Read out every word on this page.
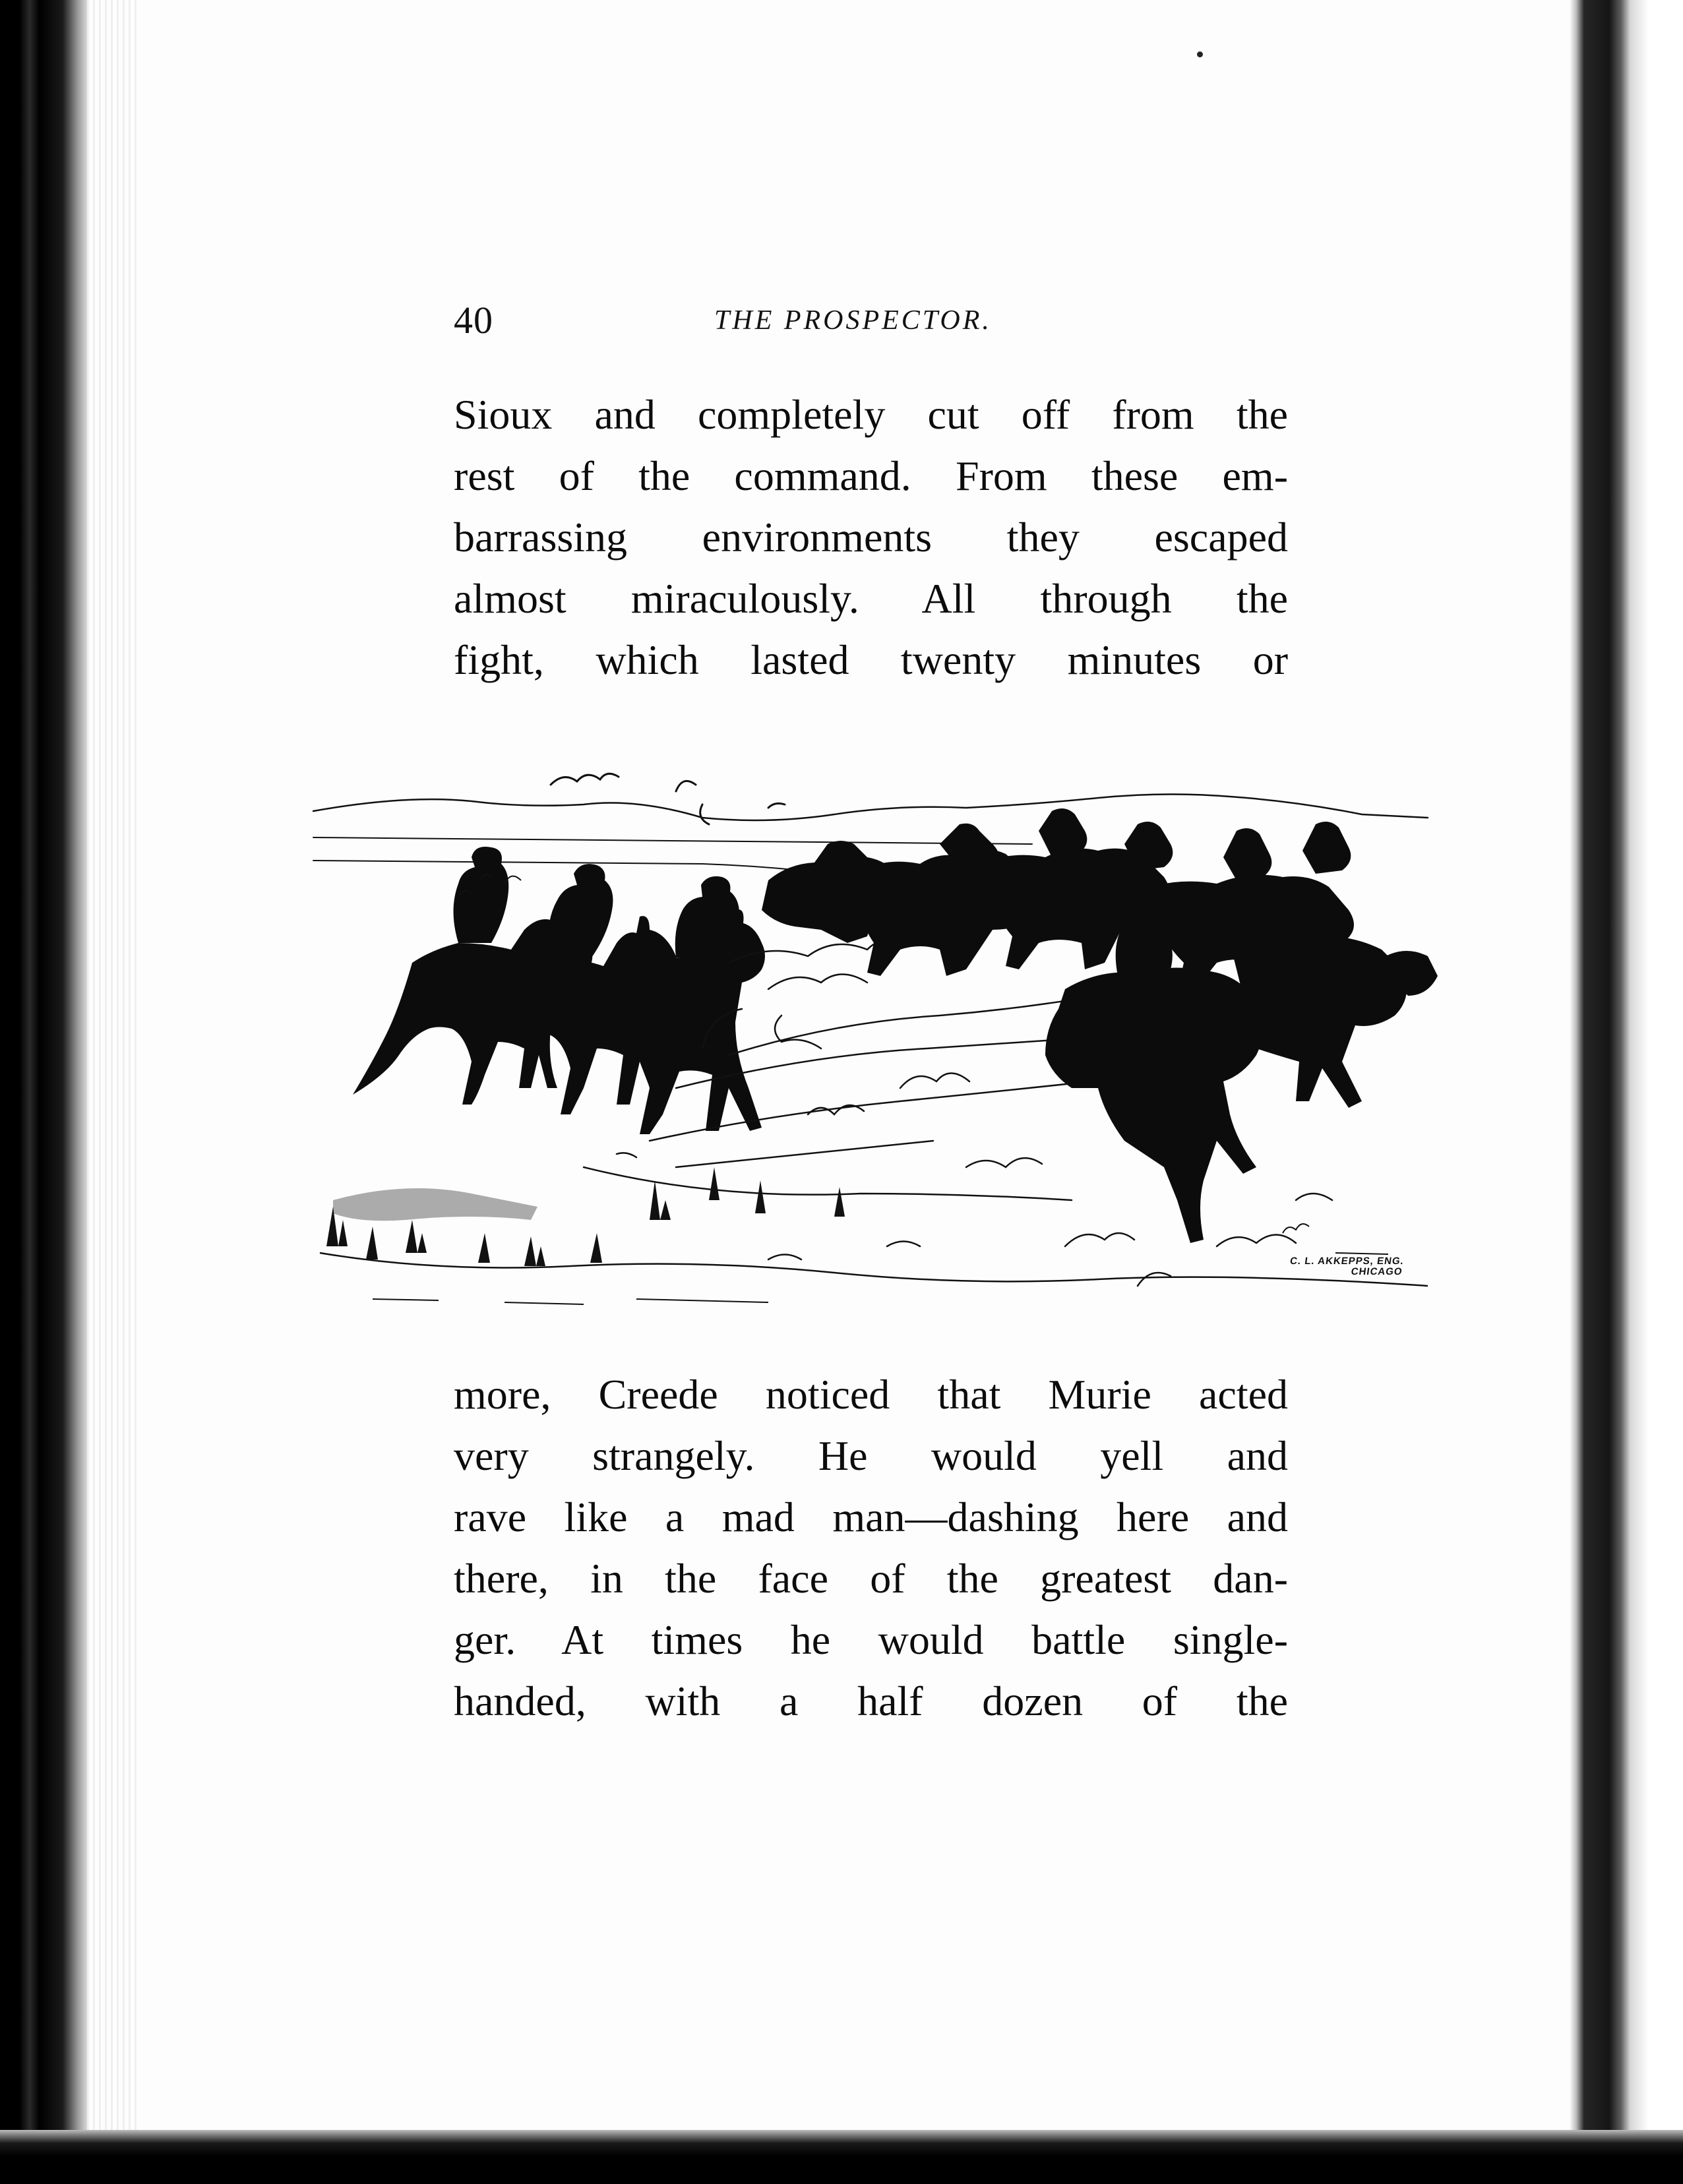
40	THE PROSPECTOR.
Sioux and completely cut off from the
rest of the command. From these em-
barrassing environments they escaped
almost miraculously. All through the
fight, which lasted twenty minutes or
C. L. AKKEPPS, ENG.
CHICAGO
more, Creede noticed that Murie acted
very strangely. He would yell and
rave like a mad man—dashing here and
there, in the face of the greatest dan-
ger. At times he would battle single-
handed, with a half dozen of the
